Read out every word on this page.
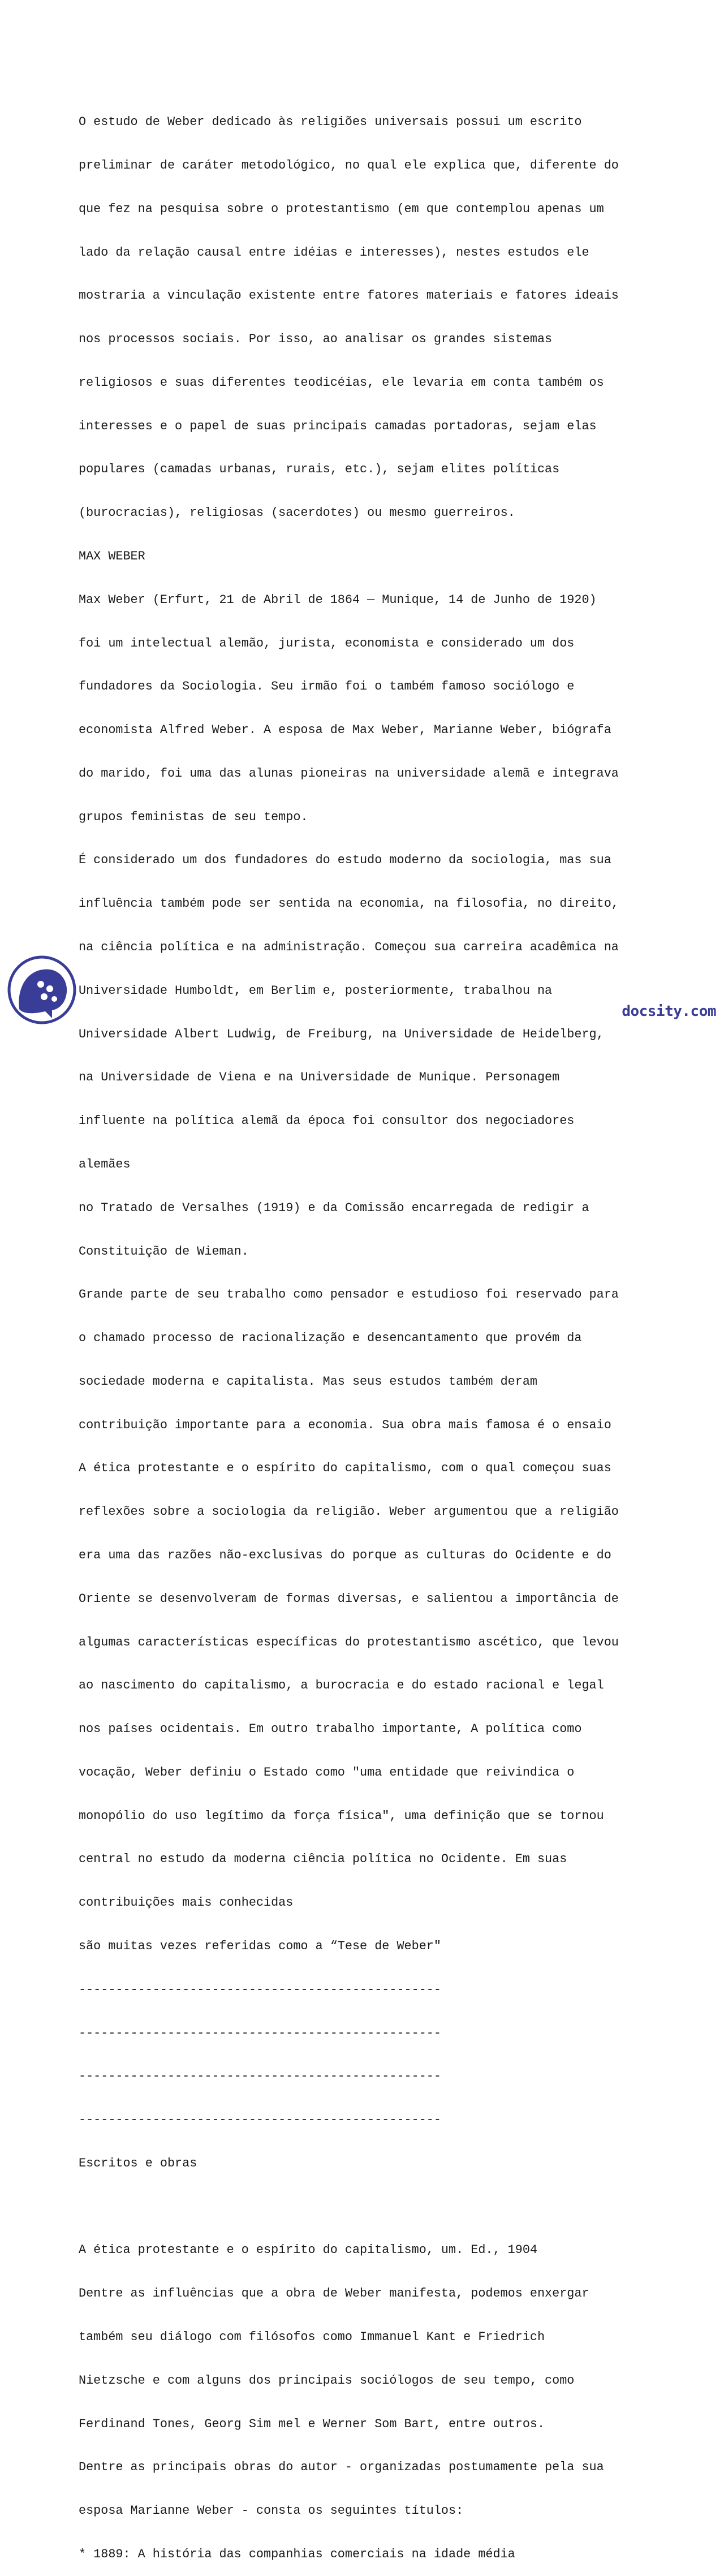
O estudo de Weber dedicado às religiões universais possui um escrito

preliminar de caráter metodológico, no qual ele explica que, diferente do

que fez na pesquisa sobre o protestantismo (em que contemplou apenas um

lado da relação causal entre idéias e interesses), nestes estudos ele

mostraria a vinculação existente entre fatores materiais e fatores ideais

nos processos sociais. Por isso, ao analisar os grandes sistemas

religiosos e suas diferentes teodicéias, ele levaria em conta também os

interesses e o papel de suas principais camadas portadoras, sejam elas

populares (camadas urbanas, rurais, etc.), sejam elites políticas

(burocracias), religiosas (sacerdotes) ou mesmo guerreiros.

MAX WEBER

Max Weber (Erfurt, 21 de Abril de 1864 — Munique, 14 de Junho de 1920)

foi um intelectual alemão, jurista, economista e considerado um dos

fundadores da Sociologia. Seu irmão foi o também famoso sociólogo e

economista Alfred Weber. A esposa de Max Weber, Marianne Weber, biógrafa

do marido, foi uma das alunas pioneiras na universidade alemã e integrava

grupos feministas de seu tempo.

É considerado um dos fundadores do estudo moderno da sociologia, mas sua

influência também pode ser sentida na economia, na filosofia, no direito,

na ciência política e na administração. Começou sua carreira acadêmica na

Universidade Humboldt, em Berlim e, posteriormente, trabalhou na

Universidade Albert Ludwig, de Freiburg, na Universidade de Heidelberg,

na Universidade de Viena e na Universidade de Munique. Personagem

influente na política alemã da época foi consultor dos negociadores

alemães

no Tratado de Versalhes (1919) e da Comissão encarregada de redigir a

Constituição de Wieman.

Grande parte de seu trabalho como pensador e estudioso foi reservado para

o chamado processo de racionalização e desencantamento que provém da

sociedade moderna e capitalista. Mas seus estudos também deram

contribuição importante para a economia. Sua obra mais famosa é o ensaio

A ética protestante e o espírito do capitalismo, com o qual começou suas

reflexões sobre a sociologia da religião. Weber argumentou que a religião

era uma das razões não-exclusivas do porque as culturas do Ocidente e do

Oriente se desenvolveram de formas diversas, e salientou a importância de

algumas características específicas do protestantismo ascético, que levou

ao nascimento do capitalismo, a burocracia e do estado racional e legal

nos países ocidentais. Em outro trabalho importante, A política como

vocação, Weber definiu o Estado como "uma entidade que reivindica o

monopólio do uso legítimo da força física", uma definição que se tornou

central no estudo da moderna ciência política no Ocidente. Em suas

contribuições mais conhecidas

são muitas vezes referidas como a “Tese de Weber"

-------------------------------------------------

-------------------------------------------------

-------------------------------------------------

-------------------------------------------------

Escritos e obras

A ética protestante e o espírito do capitalismo, um. Ed., 1904

Dentre as influências que a obra de Weber manifesta, podemos enxergar

também seu diálogo com filósofos como Immanuel Kant e Friedrich

Nietzsche e com alguns dos principais sociólogos de seu tempo, como

Ferdinand Tones, Georg Sim mel e Werner Som Bart, entre outros.

Dentre as principais obras do autor - organizadas postumamente pela sua

esposa Marianne Weber - consta os seguintes títulos:

* 1889: A história das companhias comerciais na idade média

docsity.com
